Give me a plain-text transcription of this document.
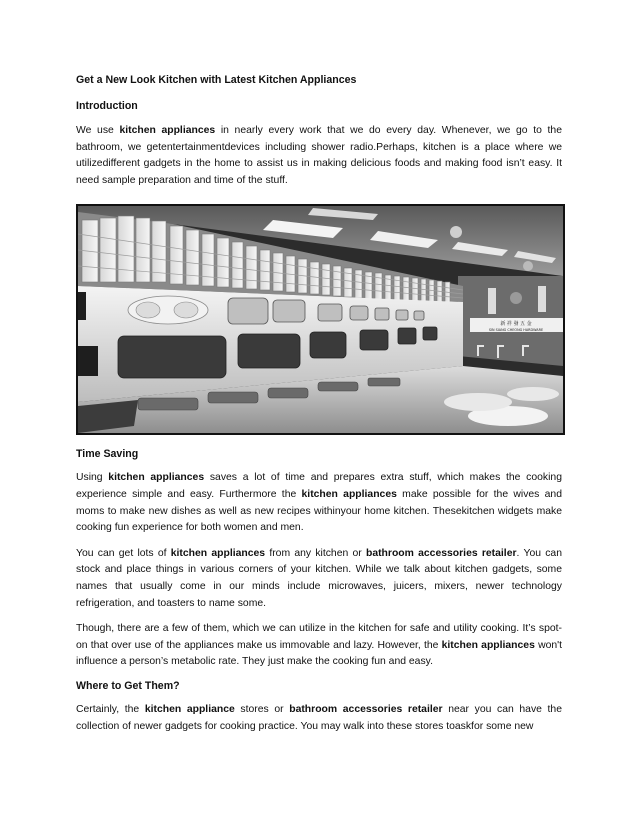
Get a New Look Kitchen with Latest Kitchen Appliances
Introduction

We use kitchen appliances in nearly every work that we do every day. Whenever, we go to the bathroom, we getentertainmentdevices including shower radio.Perhaps, kitchen is a place where we utilizedifferent gadgets in the home to assist us in making delicious foods and making food isn’t easy. It need sample preparation and time of the stuff.

新 祥 發 五 金
SIN SIANG CHEONG HARDWARE
Time Saving

Using kitchen appliances saves a lot of time and prepares extra stuff, which makes the cooking experience simple and easy. Furthermore the kitchen appliances make possible for the wives and moms to make new dishes as well as new recipes withinyour home kitchen. Thesekitchen widgets make cooking fun experience for both women and men.

You can get lots of kitchen appliances from any kitchen or bathroom accessories retailer. You can stock and place things in various corners of your kitchen. While we talk about kitchen gadgets, some names that usually come in our minds include microwaves, juicers, mixers, newer technology refrigeration, and toasters to name some.

Though, there are a few of them, which we can utilize in the kitchen for safe and utility cooking. It’s spot-on that over use of the appliances make us immovable and lazy. However, the kitchen appliances won't influence a person’s metabolic rate. They just make the cooking fun and easy.

Where to Get Them?

Certainly, the kitchen appliance stores or bathroom accessories retailer near you can have the collection of newer gadgets for cooking practice. You may walk into these stores toaskfor some new
